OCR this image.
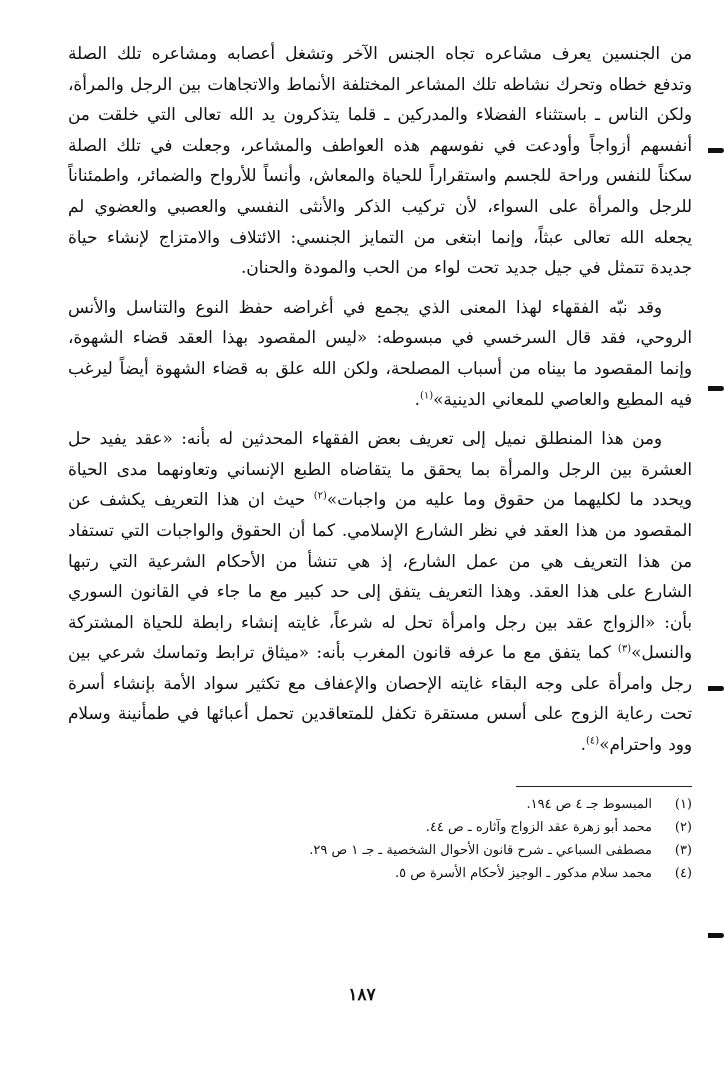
من الجنسين يعرف مشاعره تجاه الجنس الآخر وتشغل أعصابه ومشاعره تلك الصلة وتدفع خطاه وتحرك نشاطه تلك المشاعر المختلفة الأنماط والاتجاهات بين الرجل والمرأة، ولكن الناس ـ باستثناء الفضلاء والمدركين ـ قلما يتذكرون يد الله تعالى التي خلقت من أنفسهم أزواجاً وأودعت في نفوسهم هذه العواطف والمشاعر، وجعلت في تلك الصلة سكناً للنفس وراحة للجسم واستقراراً للحياة والمعاش، وأنساً للأرواح والضمائر، واطمئناناً للرجل والمرأة على السواء، لأن تركيب الذكر والأنثى النفسي والعصبي والعضوي لم يجعله الله تعالى عبثاً، وإنما ابتغى من التمايز الجنسي: الائتلاف والامتزاج لإنشاء حياة جديدة تتمثل في جيل جديد تحت لواء من الحب والمودة والحنان.

وقد نبّه الفقهاء لهذا المعنى الذي يجمع في أغراضه حفظ النوع والتناسل والأنس الروحي، فقد قال السرخسي في مبسوطه: «ليس المقصود بهذا العقد قضاء الشهوة، وإنما المقصود ما بيناه من أسباب المصلحة، ولكن الله علق به قضاء الشهوة أيضاً ليرغب فيه المطيع والعاصي للمعاني الدينية»$^{(١)}$.

ومن هذا المنطلق نميل إلى تعريف بعض الفقهاء المحدثين له بأنه: «عقد يفيد حل العشرة بين الرجل والمرأة بما يحقق ما يتقاضاه الطبع الإنساني وتعاونهما مدى الحياة ويحدد ما لكليهما من حقوق وما عليه من واجبات»$^{(٢)}$ حيث ان هذا التعريف يكشف عن المقصود من هذا العقد في نظر الشارع الإسلامي. كما أن الحقوق والواجبات التي تستفاد من هذا التعريف هي من عمل الشارع، إذ هي تنشأ من الأحكام الشرعية التي رتبها الشارع على هذا العقد. وهذا التعريف يتفق إلى حد كبير مع ما جاء في القانون السوري بأن: «الزواج عقد بين رجل وامرأة تحل له شرعاً، غايته إنشاء رابطة للحياة المشتركة والنسل»$^{(٣)}$ كما يتفق مع ما عرفه قانون المغرب بأنه: «ميثاق ترابط وتماسك شرعي بين رجل وامرأة على وجه البقاء غايته الإحصان والإعفاف مع تكثير سواد الأمة بإنشاء أسرة تحت رعاية الزوج على أسس مستقرة تكفل للمتعاقدين تحمل أعبائها في طمأنينة وسلام وود واحترام»$^{(٤)}$.

(١)
المبسوط جـ ٤ ص ١٩٤.
(٢)
محمد أبو زهرة عقد الزواج وآثاره ـ ص ٤٤.
(٣)
مصطفى السباعي ـ شرح قانون الأحوال الشخصية ـ جـ ١ ص ٢٩.
(٤)
محمد سلام مدكور ـ الوجيز لأحكام الأسرة ص ٥.
١٨٧
